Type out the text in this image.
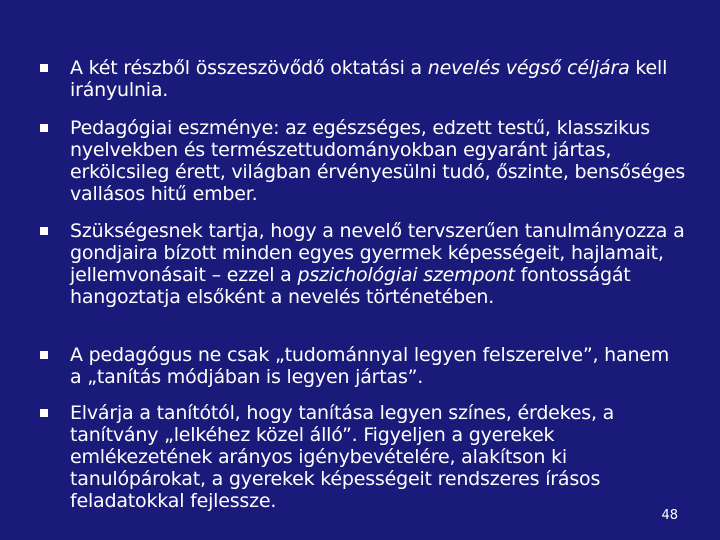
A két részből összeszövődő oktatási a nevelés végső céljára kell irányulnia.
Pedagógiai eszménye: az egészséges, edzett testű, klasszikus nyelvekben és természettudományokban egyaránt jártas, erkölcsileg érett, világban érvényesülni tudó, őszinte, bensőséges vallásos hitű ember.
Szükségesnek tartja, hogy a nevelő tervszerűen tanulmányozza a gondjaira bízott minden egyes gyermek képességeit, hajlamait, jellemvonásait – ezzel a pszichológiai szempont fontosságát hangoztatja elsőként a nevelés történetében.
A pedagógus ne csak „tudománnyal legyen felszerelve”, hanem a „tanítás módjában is legyen jártas”.
Elvárja a tanítótól, hogy tanítása legyen színes, érdekes, a tanítvány „lelkéhez közel álló”. Figyeljen a gyerekek emlékezetének arányos igénybevételére, alakítson ki tanulópárokat, a gyerekek képességeit rendszeres írásos feladatokkal fejlessze.
48
